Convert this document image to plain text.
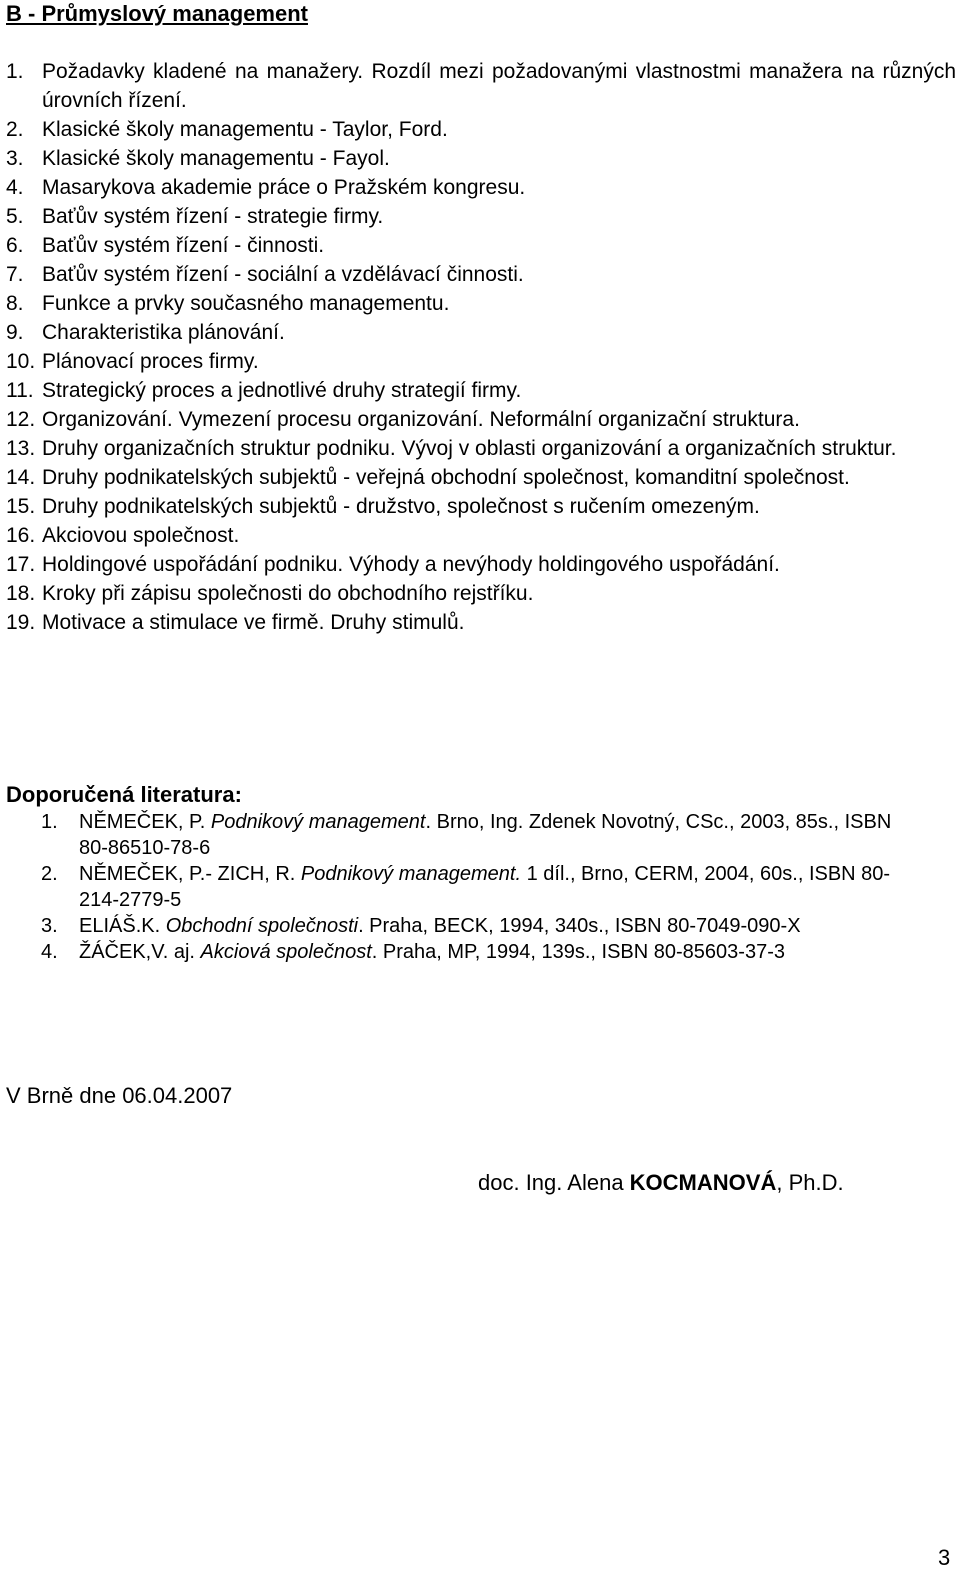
B - Průmyslový management
1. Požadavky kladené na manažery. Rozdíl mezi požadovanými vlastnostmi manažera na různých úrovních řízení.
2. Klasické školy managementu - Taylor, Ford.
3. Klasické školy managementu - Fayol.
4. Masarykova akademie práce o Pražském kongresu.
5. Baťův systém řízení - strategie firmy.
6. Baťův systém řízení - činnosti.
7. Baťův systém řízení - sociální a vzdělávací činnosti.
8. Funkce a prvky současného managementu.
9. Charakteristika plánování.
10. Plánovací proces firmy.
11. Strategický proces a jednotlivé druhy strategií firmy.
12. Organizování. Vymezení procesu organizování. Neformální organizační struktura.
13. Druhy organizačních struktur podniku. Vývoj v oblasti organizování a organizačních struktur.
14. Druhy podnikatelských subjektů - veřejná obchodní společnost, komanditní společnost.
15. Druhy podnikatelských subjektů - družstvo, společnost s ručením omezeným.
16. Akciovou společnost.
17. Holdingové uspořádání podniku. Výhody a nevýhody holdingového uspořádání.
18. Kroky při zápisu společnosti do obchodního rejstříku.
19. Motivace a stimulace ve firmě. Druhy stimulů.
Doporučená literatura:
1.	NĚMEČEK, P. Podnikový management. Brno, Ing. Zdenek Novotný, CSc., 2003, 85s., ISBN 80-86510-78-6
2.	NĚMEČEK, P.- ZICH, R. Podnikový management. 1 díl., Brno, CERM, 2004, 60s., ISBN 80-214-2779-5
3.	ELIÁŠ.K. Obchodní společnosti. Praha, BECK, 1994, 340s., ISBN 80-7049-090-X
4.	ŽÁČEK,V. aj. Akciová společnost. Praha, MP, 1994, 139s., ISBN 80-85603-37-3
V Brně dne 06.04.2007
doc. Ing. Alena KOCMANOVÁ, Ph.D.
3
